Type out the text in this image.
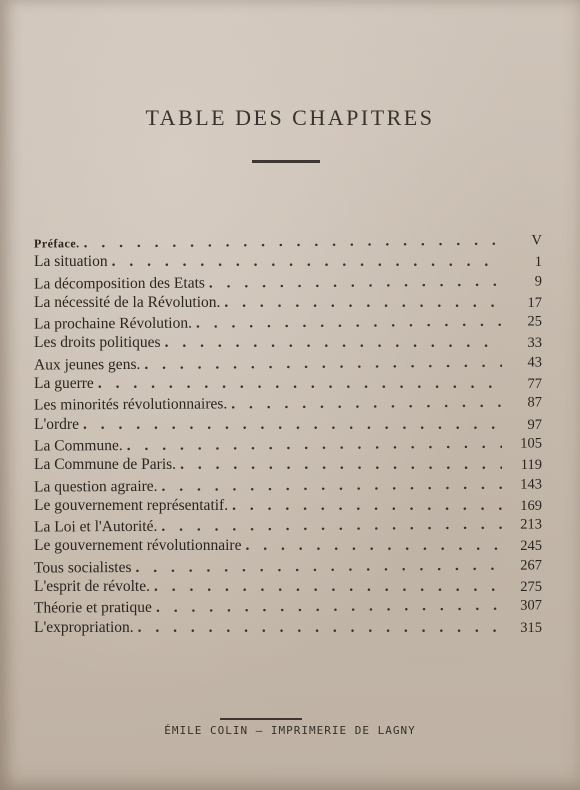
TABLE DES CHAPITRES
Préface. . . .	V
La situation . . .	1
La décomposition des Etats . . .	9
La nécessité de la Révolution. . . .	17
La prochaine Révolution. . . .	25
Les droits politiques . . .	33
Aux jeunes gens. . . .	43
La guerre . . .	77
Les minorités révolutionnaires. . . .	87
L'ordre . . .	97
La Commune. . . .	105
La Commune de Paris. . . .	119
La question agraire. . . .	143
Le gouvernement représentatif. . . .	169
La Loi et l'Autorité. . . .	213
Le gouvernement révolutionnaire . . .	245
Tous socialistes . . .	267
L'esprit de révolte. . . .	275
Théorie et pratique . . .	307
L'expropriation. . . .	315
ÉMILE COLIN — IMPRIMERIE DE LAGNY
